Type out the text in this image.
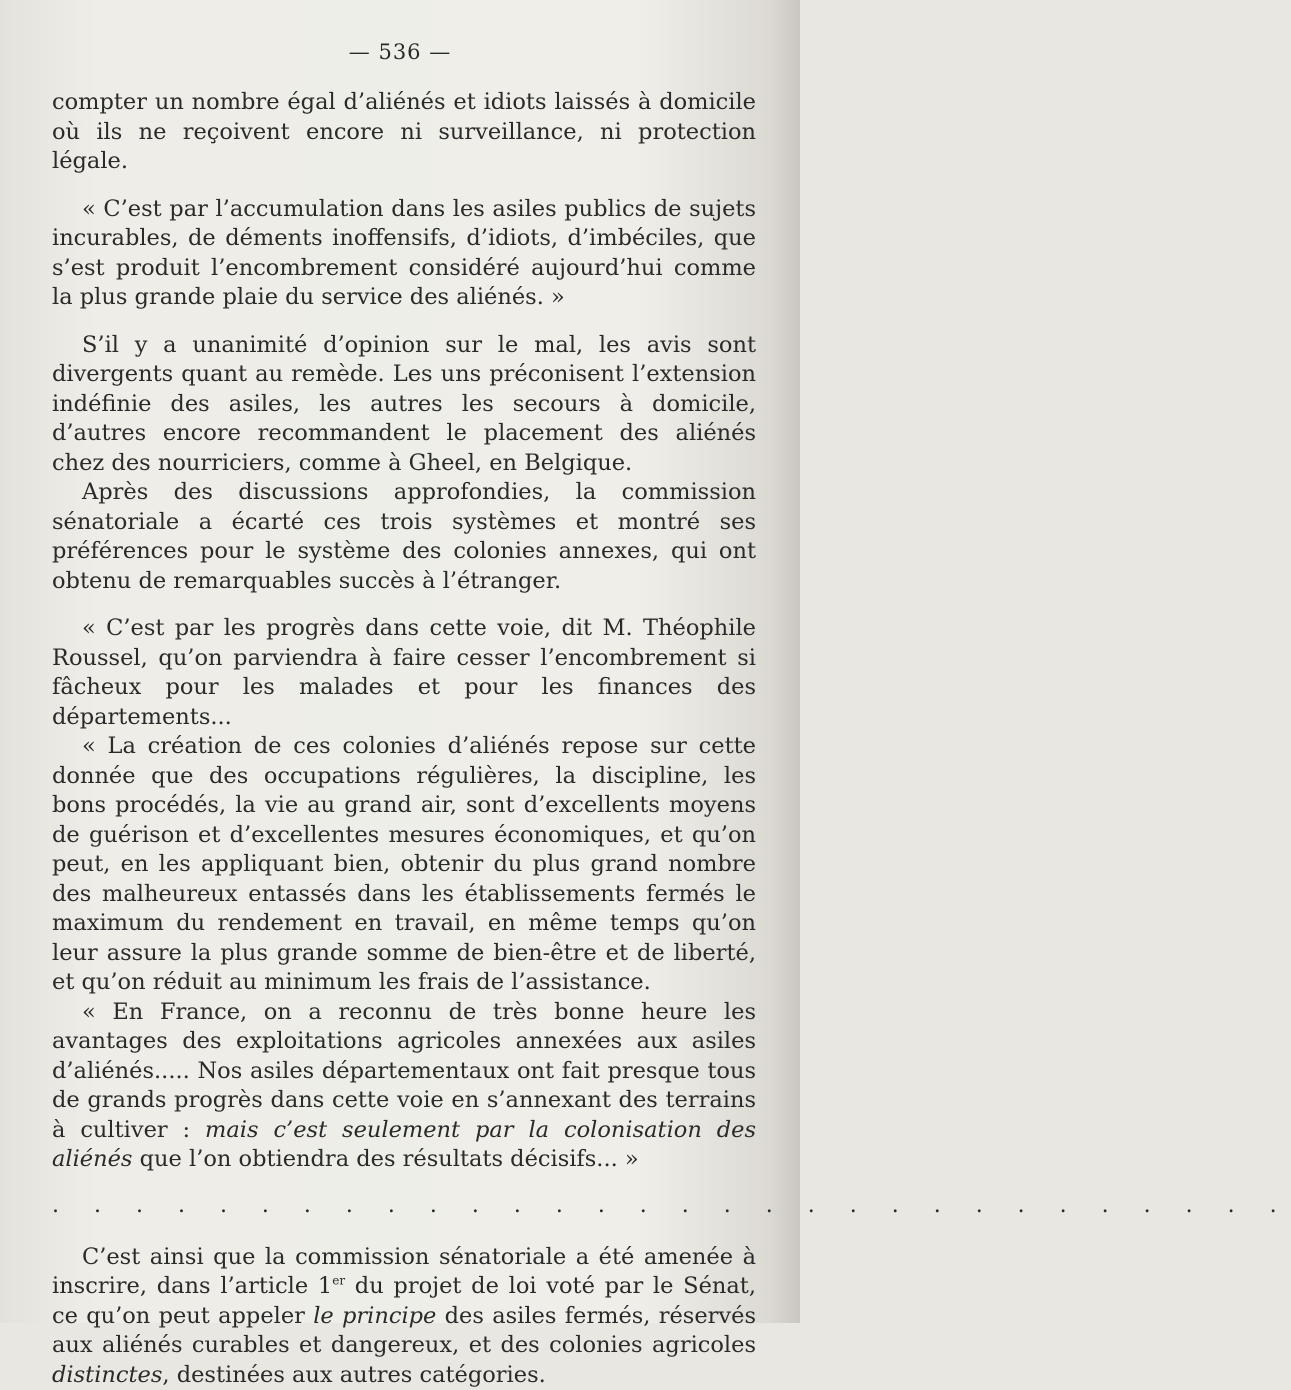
— 536 —

compter un nombre égal d’aliénés et idiots laissés à domicile où ils ne reçoivent encore ni surveillance, ni protection légale.

« C’est par l’accumulation dans les asiles publics de sujets incurables, de déments inoffensifs, d’idiots, d’imbéciles, que s’est produit l’encombrement considéré aujourd’hui comme la plus grande plaie du service des aliénés. »

S’il y a unanimité d’opinion sur le mal, les avis sont divergents quant au remède. Les uns préconisent l’extension indéfinie des asiles, les autres les secours à domicile, d’autres encore recommandent le placement des aliénés chez des nourriciers, comme à Gheel, en Belgique.

Après des discussions approfondies, la commission sénatoriale a écarté ces trois systèmes et montré ses préférences pour le système des colonies annexes, qui ont obtenu de remarquables succès à l’étranger.

« C’est par les progrès dans cette voie, dit M. Théophile Roussel, qu’on parviendra à faire cesser l’encombrement si fâcheux pour les malades et pour les finances des départements...

« La création de ces colonies d’aliénés repose sur cette donnée que des occupations régulières, la discipline, les bons procédés, la vie au grand air, sont d’excellents moyens de guérison et d’excellentes mesures économiques, et qu’on peut, en les appliquant bien, obtenir du plus grand nombre des malheureux entassés dans les établissements fermés le maximum du rendement en travail, en même temps qu’on leur assure la plus grande somme de bien-être et de liberté, et qu’on réduit au minimum les frais de l’assistance.

« En France, on a reconnu de très bonne heure les avantages des exploitations agricoles annexées aux asiles d’aliénés..... Nos asiles départementaux ont fait presque tous de grands progrès dans cette voie en s’annexant des terrains à cultiver : mais c’est seulement par la colonisation des aliénés que l’on obtiendra des résultats décisifs... »

. . . . . . . . . . . . . . . . . . . . . . . . . . . . . .

C’est ainsi que la commission sénatoriale a été amenée à inscrire, dans l’article 1er du projet de loi voté par le Sénat, ce qu’on peut appeler le principe des asiles fermés, réservés aux aliénés curables et dangereux, et des colonies agricoles distinctes, destinées aux autres catégories.
